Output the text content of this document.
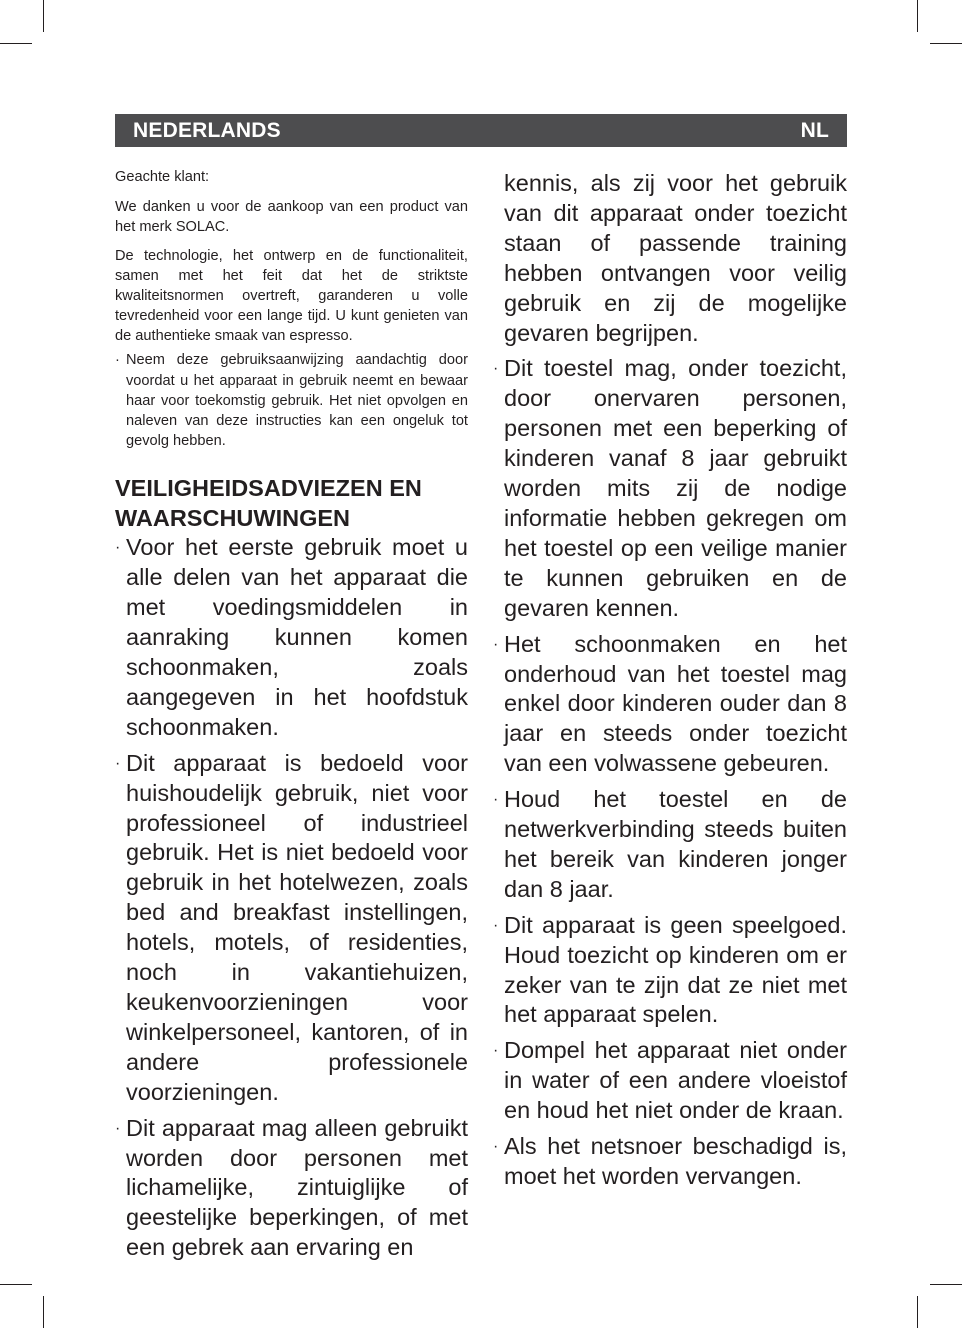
NEDERLANDS	NL

Geachte klant:

We danken u voor de aankoop van een product van het merk SOLAC.

De technologie, het ontwerp en de functionaliteit, samen met het feit dat het de striktste kwaliteitsnormen overtreft, garanderen u volle tevredenheid voor een lange tijd. U kunt genieten van de authentieke smaak van espresso.

· Neem deze gebruiksaanwijzing aandachtig door voordat u het apparaat in gebruik neemt en bewaar haar voor toekomstig gebruik. Het niet opvolgen en naleven van deze instructies kan een ongeluk tot gevolg hebben.
VEILIGHEIDSADVIEZEN EN WAARSCHUWINGEN
· Voor het eerste gebruik moet u alle delen van het apparaat die met voedingsmiddelen in aanraking kunnen komen schoonmaken, zoals aangegeven in het hoofdstuk schoonmaken.
· Dit apparaat is bedoeld voor huishoudelijk gebruik, niet voor professioneel of industrieel gebruik. Het is niet bedoeld voor gebruik in het hotelwezen, zoals bed and breakfast instellingen, hotels, motels, of residenties, noch in vakantiehuizen, keukenvoorzieningen voor winkelpersoneel, kantoren, of in andere professionele voorzieningen.
· Dit apparaat mag alleen gebruikt worden door personen met lichamelijke, zintuiglijke of geestelijke beperkingen, of met een gebrek aan ervaring en

kennis, als zij voor het gebruik van dit apparaat onder toezicht staan of passende training hebben ontvangen voor veilig gebruik en zij de mogelijke gevaren begrijpen.

· Dit toestel mag, onder toezicht, door onervaren personen, personen met een beperking of kinderen vanaf 8 jaar gebruikt worden mits zij de nodige informatie hebben gekregen om het toestel op een veilige manier te kunnen gebruiken en de gevaren kennen.
· Het schoonmaken en het onderhoud van het toestel mag enkel door kinderen ouder dan 8 jaar en steeds onder toezicht van een volwassene gebeuren.
· Houd het toestel en de netwerkverbinding steeds buiten het bereik van kinderen jonger dan 8 jaar.
· Dit apparaat is geen speelgoed. Houd toezicht op kinderen om er zeker van te zijn dat ze niet met het apparaat spelen.
· Dompel het apparaat niet onder in water of een andere vloeistof en houd het niet onder de kraan.
· Als het netsnoer beschadigd is, moet het worden vervangen.
